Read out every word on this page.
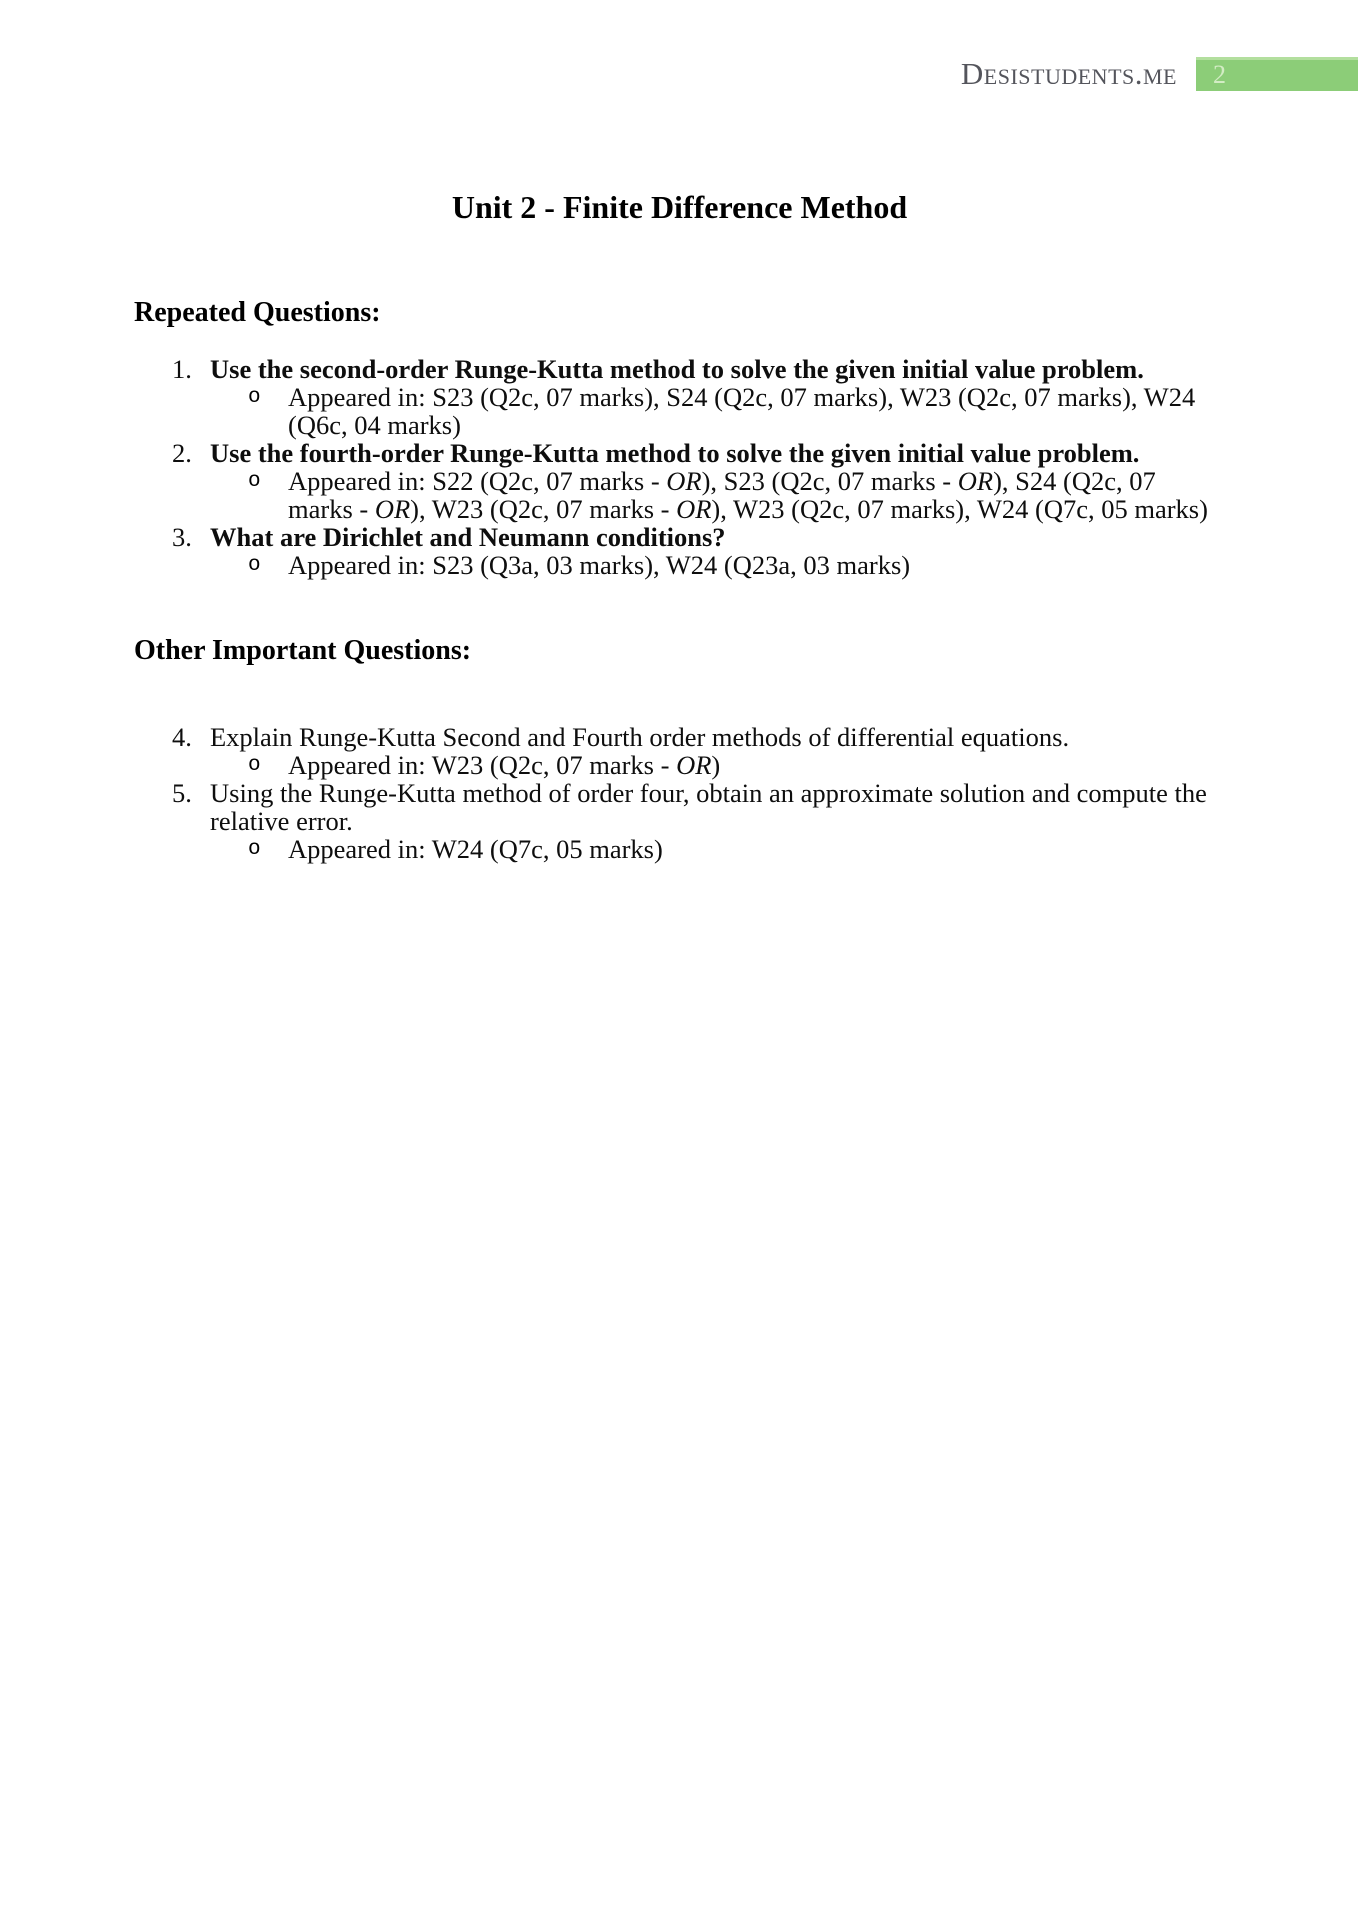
Desistudents.me 2
Unit 2 - Finite Difference Method
Repeated Questions:
1. Use the second-order Runge-Kutta method to solve the given initial value problem.
o Appeared in: S23 (Q2c, 07 marks), S24 (Q2c, 07 marks), W23 (Q2c, 07 marks), W24 (Q6c, 04 marks)
2. Use the fourth-order Runge-Kutta method to solve the given initial value problem.
o Appeared in: S22 (Q2c, 07 marks - OR), S23 (Q2c, 07 marks - OR), S24 (Q2c, 07 marks - OR), W23 (Q2c, 07 marks - OR), W23 (Q2c, 07 marks), W24 (Q7c, 05 marks)
3. What are Dirichlet and Neumann conditions?
o Appeared in: S23 (Q3a, 03 marks), W24 (Q23a, 03 marks)
Other Important Questions:
4. Explain Runge-Kutta Second and Fourth order methods of differential equations.
o Appeared in: W23 (Q2c, 07 marks - OR)
5. Using the Runge-Kutta method of order four, obtain an approximate solution and compute the relative error.
o Appeared in: W24 (Q7c, 05 marks)
